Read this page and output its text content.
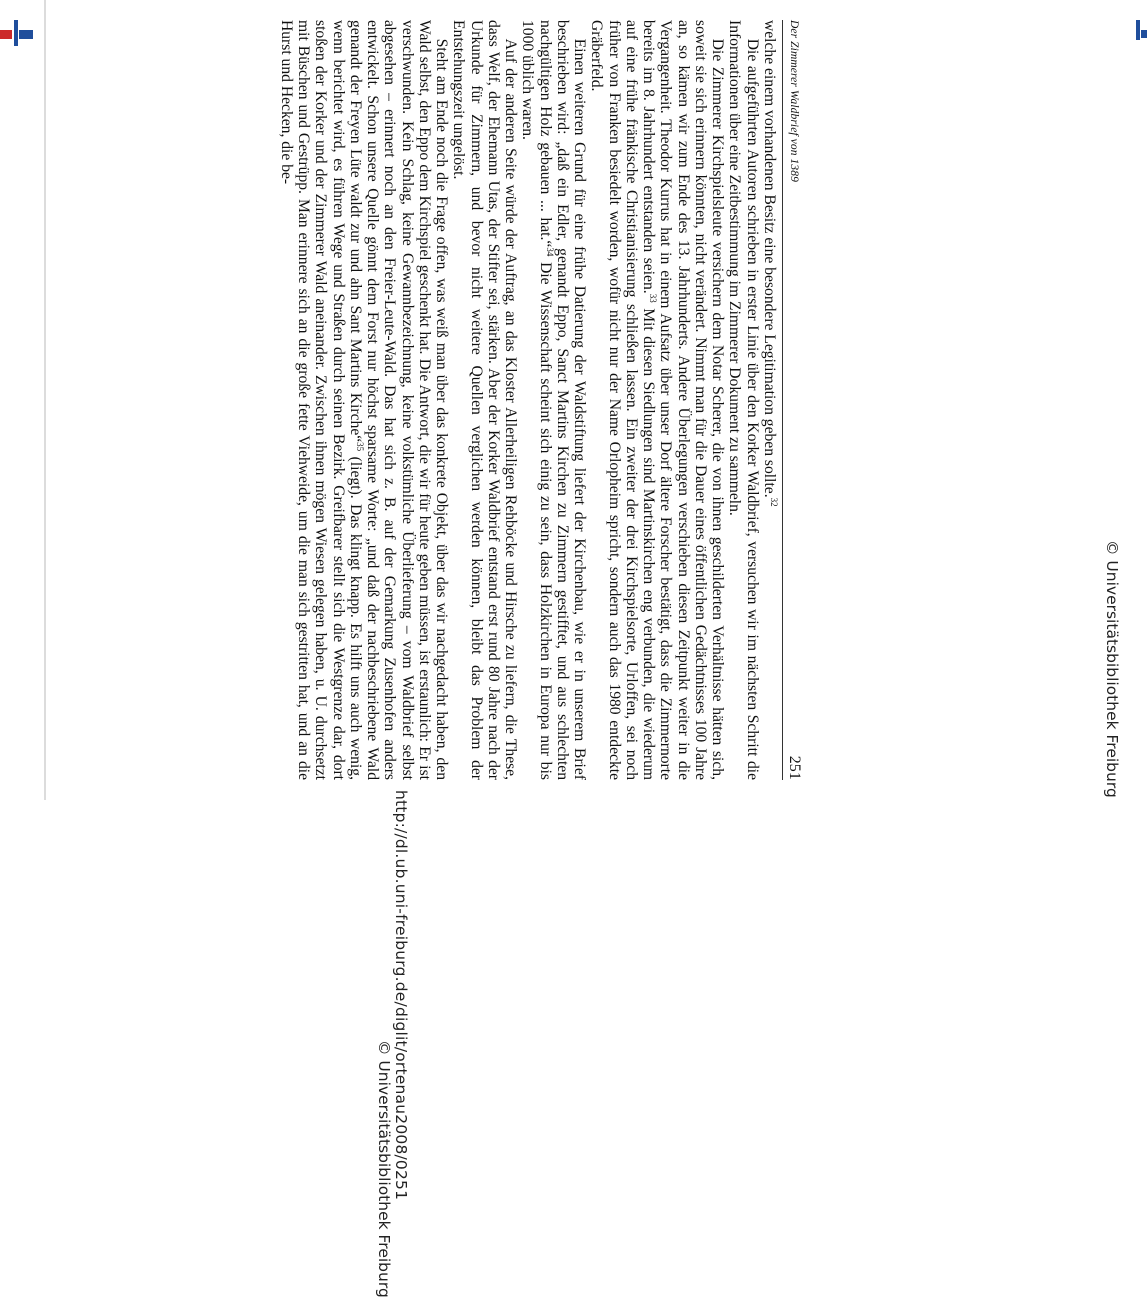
http://dl.ub.uni-freiburg.de/diglit/ortenau2008/0251
© Universitätsbibliothek Freiburg
© Universitätsbibliothek Freiburg
Der Zimmerer Waldbrief von 1389
251

welche einem vorhandenen Besitz eine besondere Legitimation geben sollte.$^{32}$

Die aufgeführten Autoren schrieben in erster Linie über den Korker Waldbrief, versuchen wir im nächsten Schritt die Informationen über eine Zeitbestimmung im Zimmerer Dokument zu sammeln.

Die Zimmerer Kirchspielsleute versichern dem Notar Scherer, die von ihnen geschilderten Verhältnisse hätten sich, soweit sie sich erinnern könnten, nicht verändert. Nimmt man für die Dauer eines öffentlichen Gedächtnisses 100 Jahre an, so kämen wir zum Ende des 13. Jahrhunderts. Andere Überlegungen verschieben diesen Zeitpunkt weiter in die Vergangenheit. Theodor Kurrus hat in einem Aufsatz über unser Dorf ältere Forscher bestätigt, dass die Zimmernorte bereits im 8. Jahrhundert entstanden seien.$^{33}$ Mit diesen Siedlungen sind Martinskirchen eng verbunden, die wiederum auf eine frühe fränkische Christianisierung schließen lassen. Ein zweiter der drei Kirchspielsorte, Urloffen, sei noch früher von Franken besiedelt worden, wofür nicht nur der Name Orlopheim spricht, sondern auch das 1980 entdeckte Gräberfeld.

Einen weiteren Grund für eine frühe Datierung der Waldstiftung liefert der Kirchenbau, wie er in unserem Brief beschrieben wird: „daß ein Edler, genandt Eppo, Sanct Martins Kirchen zu Zimmern gestifftet, und aus schlechten nachgültigen Holz gebauen ... hat.“$^{34}$ Die Wissenschaft scheint sich einig zu sein, dass Holzkirchen in Europa nur bis 1000 üblich waren.

Auf der anderen Seite würde der Auftrag, an das Kloster Allerheiligen Rehböcke und Hirsche zu liefern, die These, dass Welf, der Ehemann Utas, der Stifter sei, stärken. Aber der Korker Waldbrief entstand erst rund 80 Jahre nach der Urkunde für Zimmern, und bevor nicht weitere Quellen verglichen werden können, bleibt das Problem der Entstehungszeit ungelöst.

Steht am Ende noch die Frage offen, was weiß man über das konkrete Objekt, über das wir nachgedacht haben, den Wald selbst, den Eppo dem Kirchspiel geschenkt hat. Die Antwort, die wir für heute geben müssen, ist erstaunlich: Er ist verschwunden. Kein Schlag, keine Gewannbezeichnung, keine volkstümliche Überlieferung – vom Waldbrief selbst abgesehen – erinnert noch an den Freier-Leute-Wald. Das hat sich z. B. auf der Gemarkung Zusenhofen anders entwickelt. Schon unsere Quelle gönnt dem Forst nur höchst sparsame Worte: „und daß der nachbeschriebene Wald genandt der Freyen Lüte waldt zur und ahn Sant Martins Kirche“$^{35}$ (liegt). Das klingt knapp. Es hilft uns auch wenig, wenn berichtet wird, es führen Wege und Straßen durch seinen Bezirk. Greifbarer stellt sich die Westgrenze dar, dort stoßen der Korker und der Zimmerer Wald aneinander. Zwischen ihnen mögen Wiesen gelegen haben, u. U. durchsetzt mit Büschen und Gestrüpp. Man erinnere sich an die große fette Viehweide, um die man sich gestritten hat, und an die Hurst und Hecken, die be-
